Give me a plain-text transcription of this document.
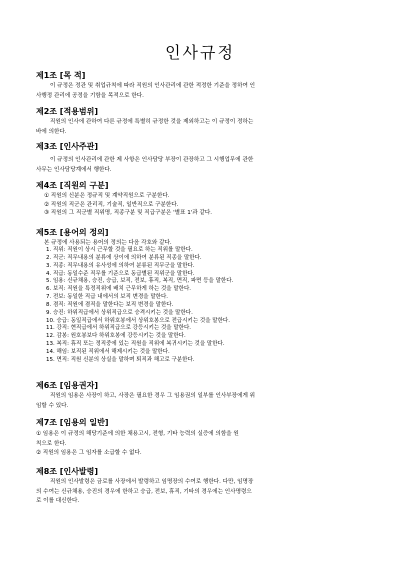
인사규정
제1조 [목 적]
이 규정은 정관 및 취업규칙에 따라 직원의 인사관리에 관한 적정한 기준을 정하여 인
사행정 관리에 공정을 기함을 목적으로 한다.
제2조 [적용범위]
직원의 인사에 관하여 다른 규정에 특별히 규정한 것을 제외하고는 이 규정이 정하는
바에 의한다.
제3조 [인사주관]
이 규정의 인사관리에 관한 제 사항은 인사담당 부장이 관장하고 그 시행업무에 관한
사무는 인사담당계에서 행한다.
제4조 [직원의 구분]
① 직원의 신분은 정규직 및 계약직원으로 구분한다.
② 직원의 직군은 관리직, 기술직, 일반직으로 구분한다.
③ 직원의 그 직군별 직위명, 직종구분 및 직급구분은 '별표 1'과 같다.
제5조 [용어의 정의]
본 규정에 사용되는 용어의 정의는 다음 각호와 같다.
1. 직위: 직원이 상시 근무할 것을 필요로 하는 직위를 말한다.
2. 직군: 직무내용의 분류에 상이에 의하여 분류된 직종을 말한다.
3. 직종: 직무내용의 유사성에 의하여 분류된 직무군을 말한다.
4. 직급: 동일수준 직무를 기준으로 동급별된 직위군을 말한다.
5. 임용: 신규채용, 승진, 승급, 보직, 전보, 휴직, 복직, 면직, 파면 등을 말한다.
6. 보직: 직원을 특정직위에 배치 근무하게 하는 것을 말한다.
7. 전보: 동일한 직급 내에서의 보직 변경을 말한다.
8. 겸직: 직원에 겸직을 말한다는 보직 변경을 말한다.
9. 승진: 하위직급에서 상위직급으로 승격시키는 것을 말한다.
10. 승급: 동일직급에서 하위호봉에서 상위호봉으로 전급시키는 것을 말한다.
11. 강직: 현직급에서 하위직급으로 강등시키는 것을 말한다.
12. 감봉: 원호봉보다 하위호봉에 강등시키는 것을 말한다.
13. 복직: 휴직 또는 정직중에 있는 직원을 직위에 복귀시키는 것을 말한다.
14. 해임: 보직된 직위에서 해제시키는 것을 말한다.
15. 면직: 직원 신분의 상실을 말하며 퇴직과 해고로 구분한다.
제6조 [임용권자]
직원의 임용은 사장이 하고, 사장은 필요한 경우 그 임용권의 일부를 인사부장에게 위
임할 수 있다.
제7조 [임용의 일반]
① 임용은 이 규정의 해당기준에 의한 채용고시, 전형, 기타 능력의 실증에 의함을 원
칙으로 한다.
② 직원의 임용은 그 임자를 소급할 수 없다.
제8조 [인사발령]
직원의 인사발령은 금로를 사장에서 발령하고 임명장의 수여로 행한다. 다만, 임명장
의 수여는 신규채용, 승진의 경우에 한하고 승급, 전보, 휴직, 기타의 경우에는 인사명령으
로 이를 대신한다.
